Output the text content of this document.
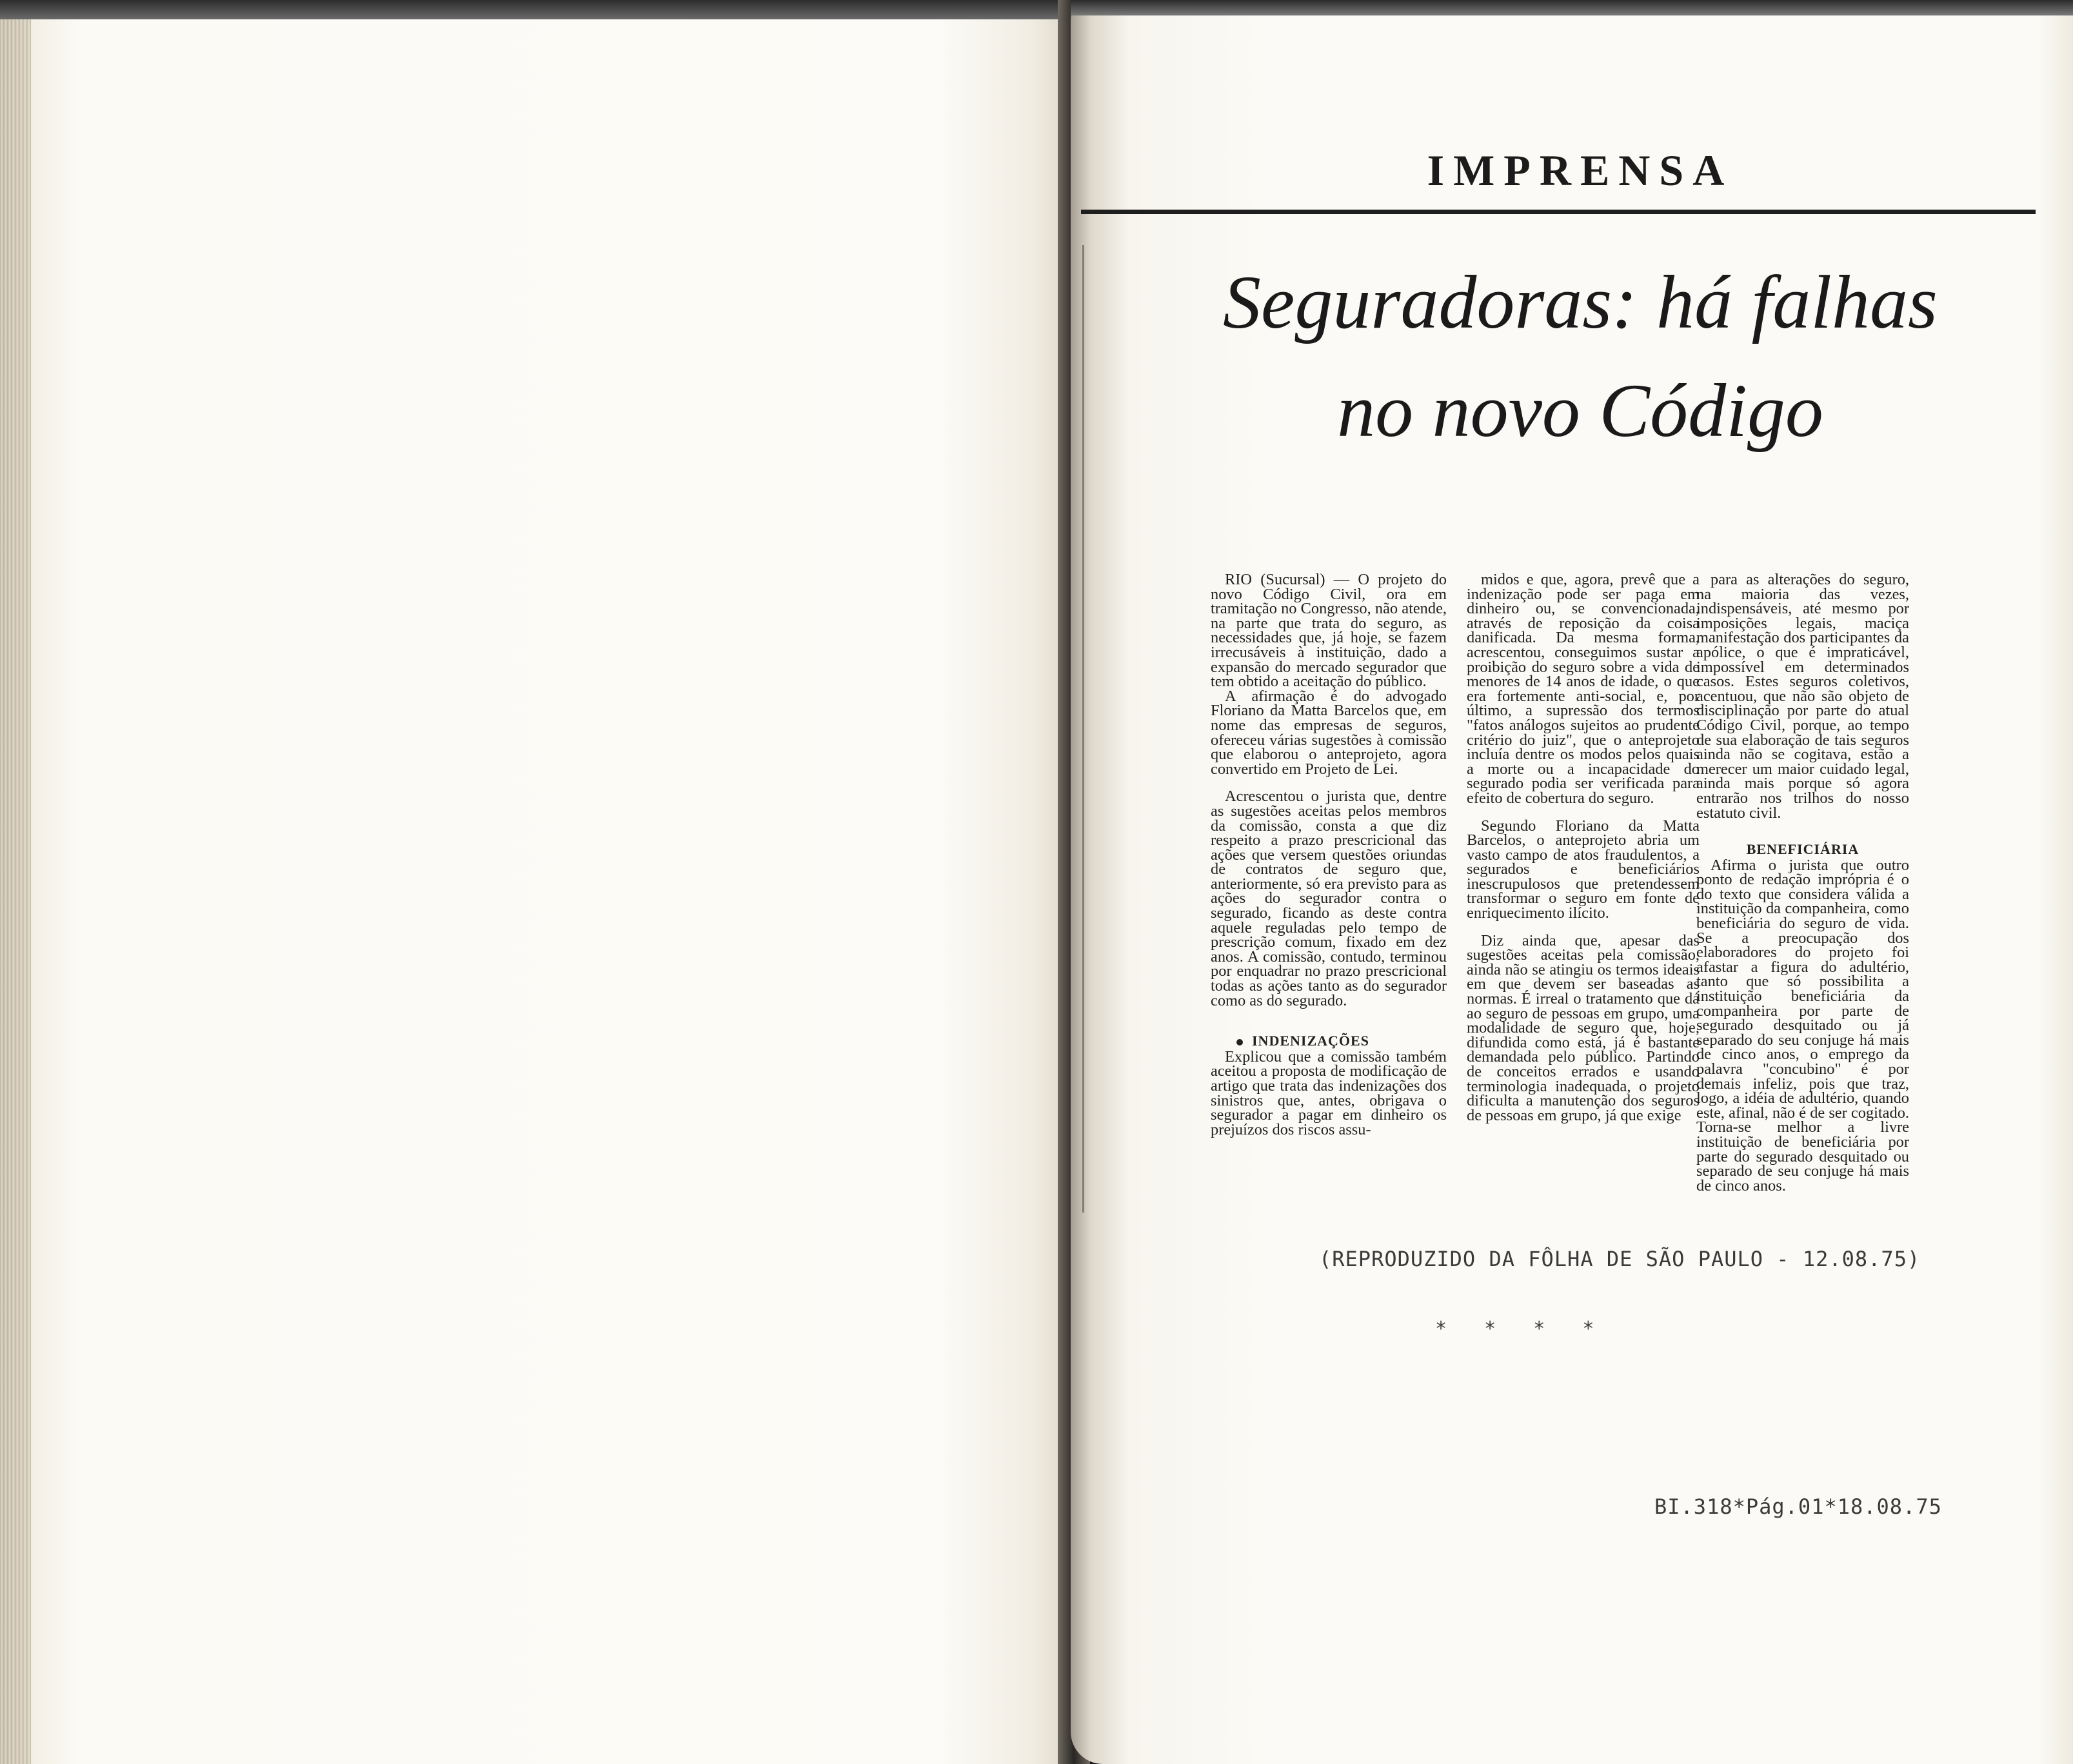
IMPRENSA
Seguradoras: há falhas
no novo Código

RIO (Sucursal) — O projeto do novo Código Civil, ora em tramitação no Congresso, não atende, na parte que trata do seguro, as necessidades que, já hoje, se fazem irrecusáveis à instituição, dado a expansão do mercado segurador que tem obtido a aceitação do público.

A afirmação é do advogado Floriano da Matta Barcelos que, em nome das empresas de seguros, ofereceu várias sugestões à comissão que elaborou o anteprojeto, agora convertido em Projeto de Lei.

Acrescentou o jurista que, dentre as sugestões aceitas pelos membros da comissão, consta a que diz respeito a prazo prescricional das ações que versem questões oriundas de contratos de seguro que, anteriormente, só era previsto para as ações do segurador contra o segurado, ficando as deste contra aquele reguladas pelo tempo de prescrição comum, fixado em dez anos. A comissão, contudo, terminou por enquadrar no prazo prescricional todas as ações tanto as do segurador como as do segurado.

INDENIZAÇÕES

Explicou que a comissão também aceitou a proposta de modificação de artigo que trata das indenizações dos sinistros que, antes, obrigava o segurador a pagar em dinheiro os prejuízos dos riscos assu-

midos e que, agora, prevê que a indenização pode ser paga em dinheiro ou, se convencionada, através de reposição da coisa danificada. Da mesma forma, acrescentou, conseguimos sustar a proibição do seguro sobre a vida de menores de 14 anos de idade, o que era fortemente anti-social, e, por último, a supressão dos termos "fatos análogos sujeitos ao prudente critério do juiz", que o anteprojeto incluía dentre os modos pelos quais a morte ou a incapacidade do segurado podia ser verificada para efeito de cobertura do seguro.

Segundo Floriano da Matta Barcelos, o anteprojeto abria um vasto campo de atos fraudulentos, a segurados e beneficiários inescrupulosos que pretendessem transformar o seguro em fonte de enriquecimento ilícito.

Diz ainda que, apesar das sugestões aceitas pela comissão, ainda não se atingiu os termos ideais em que devem ser baseadas as normas. É irreal o tratamento que dá ao seguro de pessoas em grupo, uma modalidade de seguro que, hoje, difundida como está, já é bastante demandada pelo público. Partindo de conceitos errados e usando terminologia inadequada, o projeto dificulta a manutenção dos seguros de pessoas em grupo, já que exige

para as alterações do seguro, na maioria das vezes, indispensáveis, até mesmo por imposições legais, maciça manifestação dos participantes da apólice, o que é impraticável, impossível em determinados casos. Estes seguros coletivos, acentuou, que não são objeto de disciplinação por parte do atual Código Civil, porque, ao tempo de sua elaboração de tais seguros ainda não se cogitava, estão a merecer um maior cuidado legal, ainda mais porque só agora entrarão nos trilhos do nosso estatuto civil.

BENEFICIÁRIA

Afirma o jurista que outro ponto de redação imprópria é o do texto que considera válida a instituição da companheira, como beneficiária do seguro de vida. Se a preocupação dos elaboradores do projeto foi afastar a figura do adultério, tanto que só possibilita a instituição beneficiária da companheira por parte de segurado desquitado ou já separado do seu conjuge há mais de cinco anos, o emprego da palavra "concubino" é por demais infeliz, pois que traz, logo, a idéia de adultério, quando este, afinal, não é de ser cogitado. Torna-se melhor a livre instituição de beneficiária por parte do segurado desquitado ou separado de seu conjuge há mais de cinco anos.

(REPRODUZIDO DA FÔLHA DE SÃO PAULO - 12.08.75)
* * * *
BI.318*Pág.01*18.08.75
